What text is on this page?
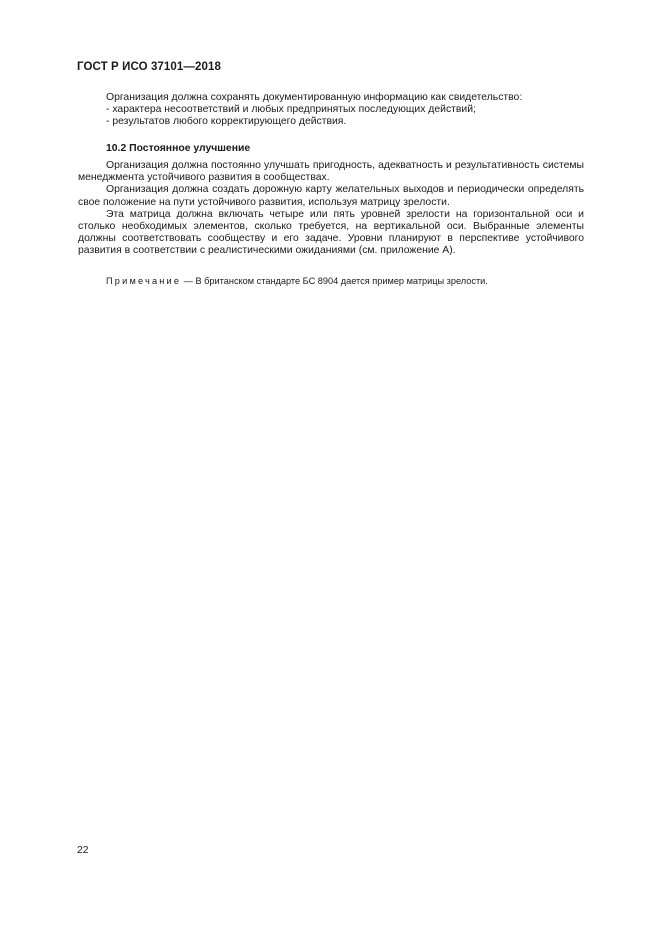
ГОСТ Р ИСО 37101—2018

Организация должна сохранять документированную информацию как свидетельство:

- характера несоответствий и любых предпринятых последующих действий;

- результатов любого корректирующего действия.

10.2 Постоянное улучшение

Организация должна постоянно улучшать пригодность, адекватность и результативность системы менеджмента устойчивого развития в сообществах.

Организация должна создать дорожную карту желательных выходов и периодически определять свое положение на пути устойчивого развития, используя матрицу зрелости.

Эта матрица должна включать четыре или пять уровней зрелости на горизонтальной оси и столько необходимых элементов, сколько требуется, на вертикальной оси. Выбранные элементы должны соответствовать сообществу и его задаче. Уровни планируют в перспективе устойчивого развития в соответствии с реалистическими ожиданиями (см. приложение А).

Примечание — В британском стандарте БС 8904 дается пример матрицы зрелости.
22
